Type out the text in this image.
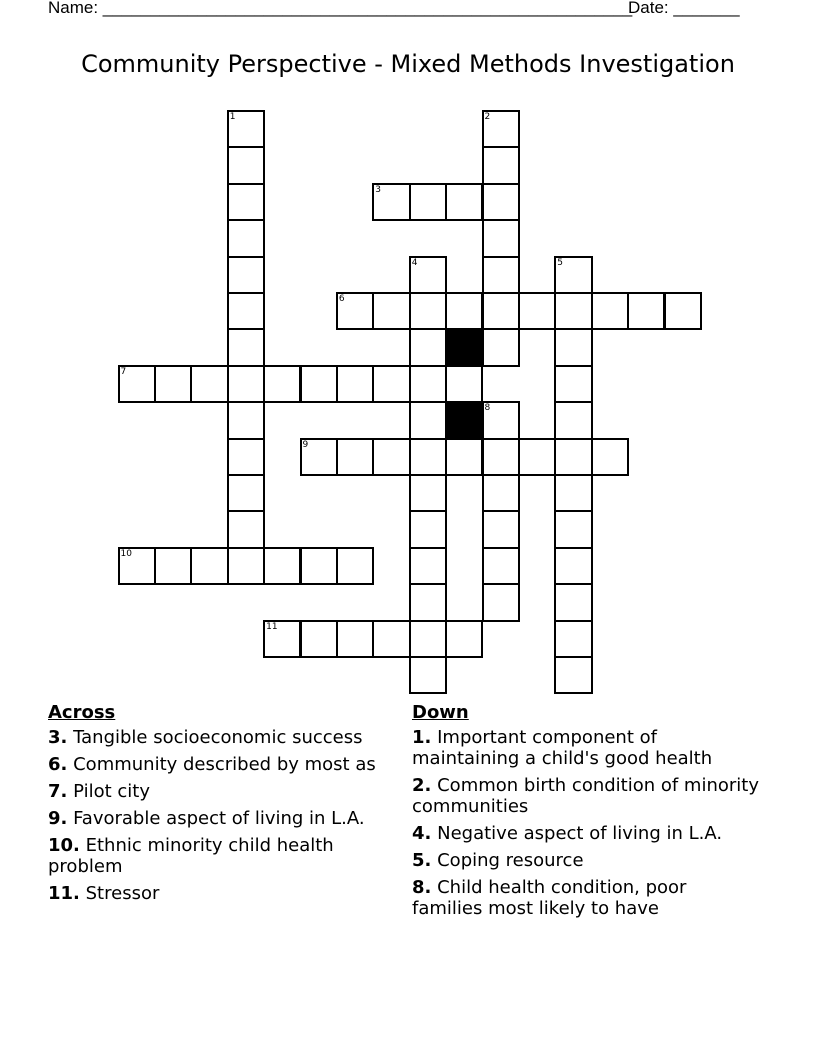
Name: ________________________________________________________
Date: _______
Community Perspective - Mixed Methods Investigation
1	2
3
4	5
6
7
8
9
10
11
Across
3. Tangible socioeconomic success
6. Community described by most as
7. Pilot city
9. Favorable aspect of living in L.A.
10. Ethnic minority child health problem
11. Stressor
Down
1. Important component of maintaining a child's good health
2. Common birth condition of minority communities
4. Negative aspect of living in L.A.
5. Coping resource
8. Child health condition, poor families most likely to have
